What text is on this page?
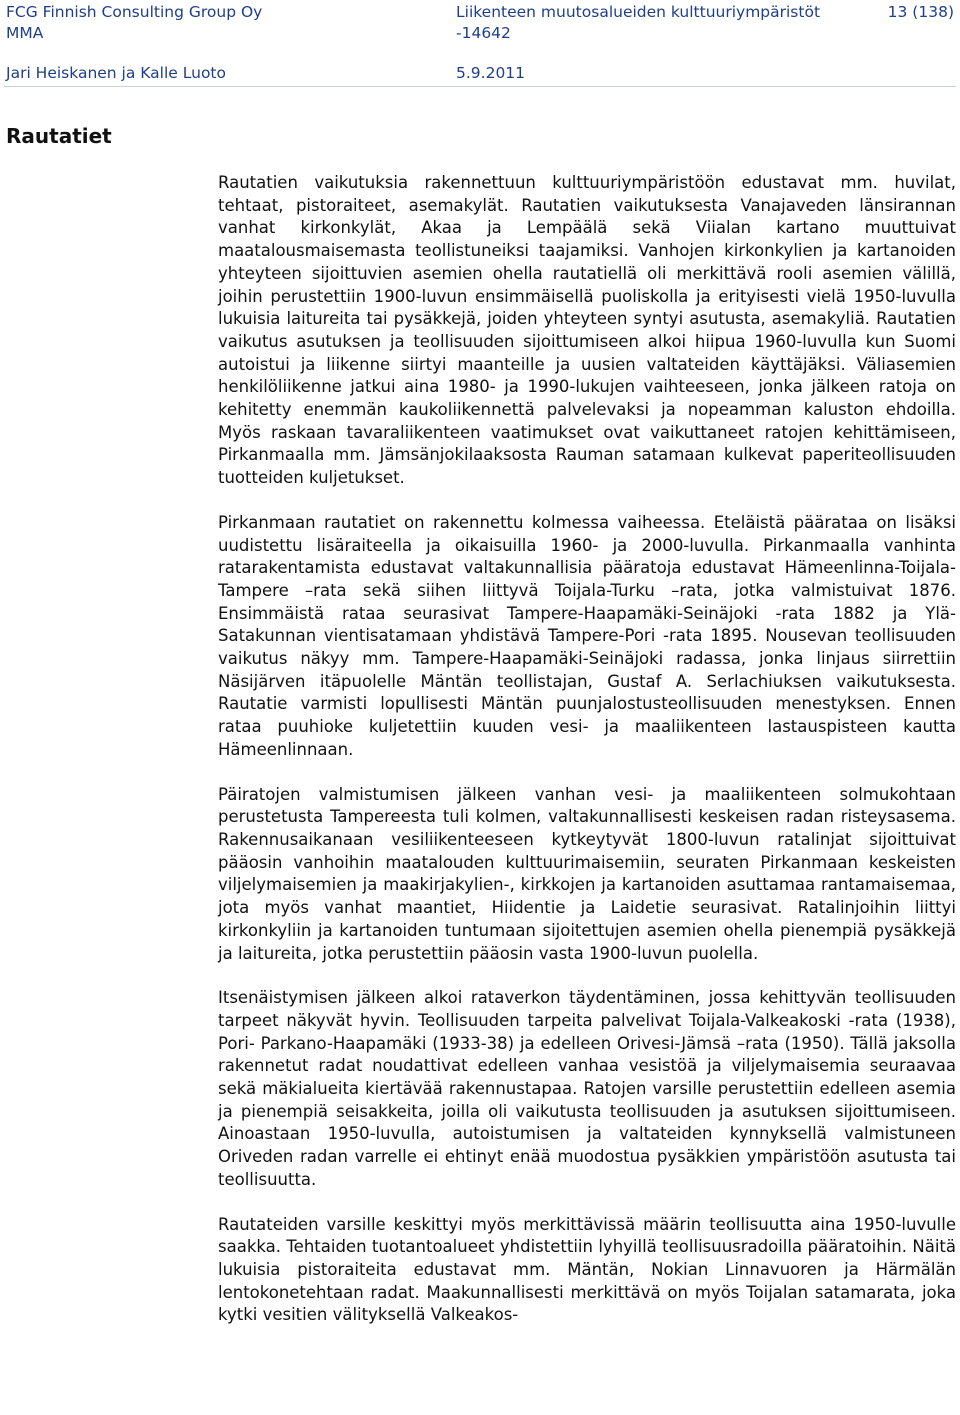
FCG Finnish Consulting Group Oy
MMA
Liikenteen muutosalueiden kulttuuriympäristöt
-14642
13 (138)
Jari Heiskanen ja Kalle Luoto	5.9.2011
Rautatiet

Rautatien vaikutuksia rakennettuun kulttuuriympäristöön edustavat mm. huvilat, tehtaat, pistoraiteet, asemakylät. Rautatien vaikutuksesta Vanajaveden länsirannan vanhat kirkonkylät, Akaa ja Lempäälä sekä Viialan kartano muuttuivat maatalousmaisemasta teollistuneiksi taajamiksi. Vanhojen kirkonkylien ja kartanoiden yhteyteen sijoittuvien asemien ohella rautatiellä oli merkittävä rooli asemien välillä, joihin perustettiin 1900-luvun ensimmäisellä puoliskolla ja erityisesti vielä 1950-luvulla lukuisia laitureita tai pysäkkejä, joiden yhteyteen syntyi asutusta, asemakyliä. Rautatien vaikutus asutuksen ja teollisuuden sijoittumiseen alkoi hiipua 1960-luvulla kun Suomi autoistui ja liikenne siirtyi maanteille ja uusien valtateiden käyttäjäksi. Väliasemien henkilöliikenne jatkui aina 1980- ja 1990-lukujen vaihteeseen, jonka jälkeen ratoja on kehitetty enemmän kaukoliikennettä palvelevaksi ja nopeamman kaluston ehdoilla. Myös raskaan tavaraliikenteen vaatimukset ovat vaikuttaneet ratojen kehittämiseen, Pirkanmaalla mm. Jämsänjokilaaksosta Rauman satamaan kulkevat paperiteollisuuden tuotteiden kuljetukset.

Pirkanmaan rautatiet on rakennettu kolmessa vaiheessa. Eteläistä päärataa on lisäksi uudistettu lisäraiteella ja oikaisuilla 1960- ja 2000-luvulla. Pirkanmaalla vanhinta ratarakentamista edustavat valtakunnallisia pääratoja edustavat Hämeenlinna-Toijala-Tampere –rata sekä siihen liittyvä Toijala-Turku –rata, jotka valmistuivat 1876. Ensimmäistä rataa seurasivat Tampere-Haapamäki-Seinäjoki -rata 1882 ja Ylä-Satakunnan vientisatamaan yhdistävä Tampere-Pori -rata 1895. Nousevan teollisuuden vaikutus näkyy mm. Tampere-Haapamäki-Seinäjoki radassa, jonka linjaus siirrettiin Näsijärven itäpuolelle Mäntän teollistajan, Gustaf A. Serlachiuksen vaikutuksesta. Rautatie varmisti lopullisesti Mäntän puunjalostusteollisuuden menestyksen. Ennen rataa puuhioke kuljetettiin kuuden vesi- ja maaliikenteen lastauspisteen kautta Hämeenlinnaan.

Päiratojen valmistumisen jälkeen vanhan vesi- ja maaliikenteen solmukohtaan perustetusta Tampereesta tuli kolmen, valtakunnallisesti keskeisen radan risteysasema. Rakennusaikanaan vesiliikenteeseen kytkeytyvät 1800-luvun ratalinjat sijoittuivat pääosin vanhoihin maatalouden kulttuurimaisemiin, seuraten Pirkanmaan keskeisten viljelymaisemien ja maakirjakylien-, kirkkojen ja kartanoiden asuttamaa rantamaisemaa, jota myös vanhat maantiet, Hiidentie ja Laidetie seurasivat. Ratalinjoihin liittyi kirkonkyliin ja kartanoiden tuntumaan sijoitettujen asemien ohella pienempiä pysäkkejä ja laitureita, jotka perustettiin pääosin vasta 1900-luvun puolella.

Itsenäistymisen jälkeen alkoi rataverkon täydentäminen, jossa kehittyvän teollisuuden tarpeet näkyvät hyvin. Teollisuuden tarpeita palvelivat Toijala-Valkeakoski -rata (1938), Pori- Parkano-Haapamäki (1933-38) ja edelleen Orivesi-Jämsä –rata (1950). Tällä jaksolla rakennetut radat noudattivat edelleen vanhaa vesistöä ja viljelymaisemia seuraavaa sekä mäkialueita kiertävää rakennustapaa. Ratojen varsille perustettiin edelleen asemia ja pienempiä seisakkeita, joilla oli vaikutusta teollisuuden ja asutuksen sijoittumiseen. Ainoastaan 1950-luvulla, autoistumisen ja valtateiden kynnyksellä valmistuneen Oriveden radan varrelle ei ehtinyt enää muodostua pysäkkien ympäristöön asutusta tai teollisuutta.

Rautateiden varsille keskittyi myös merkittävissä määrin teollisuutta aina 1950-luvulle saakka. Tehtaiden tuotantoalueet yhdistettiin lyhyillä teollisuusradoilla pääratoihin. Näitä lukuisia pistoraiteita edustavat mm. Mäntän, Nokian Linnavuoren ja Härmälän lentokonetehtaan radat. Maakunnallisesti merkittävä on myös Toijalan satamarata, joka kytki vesitien välityksellä Valkeakos-
